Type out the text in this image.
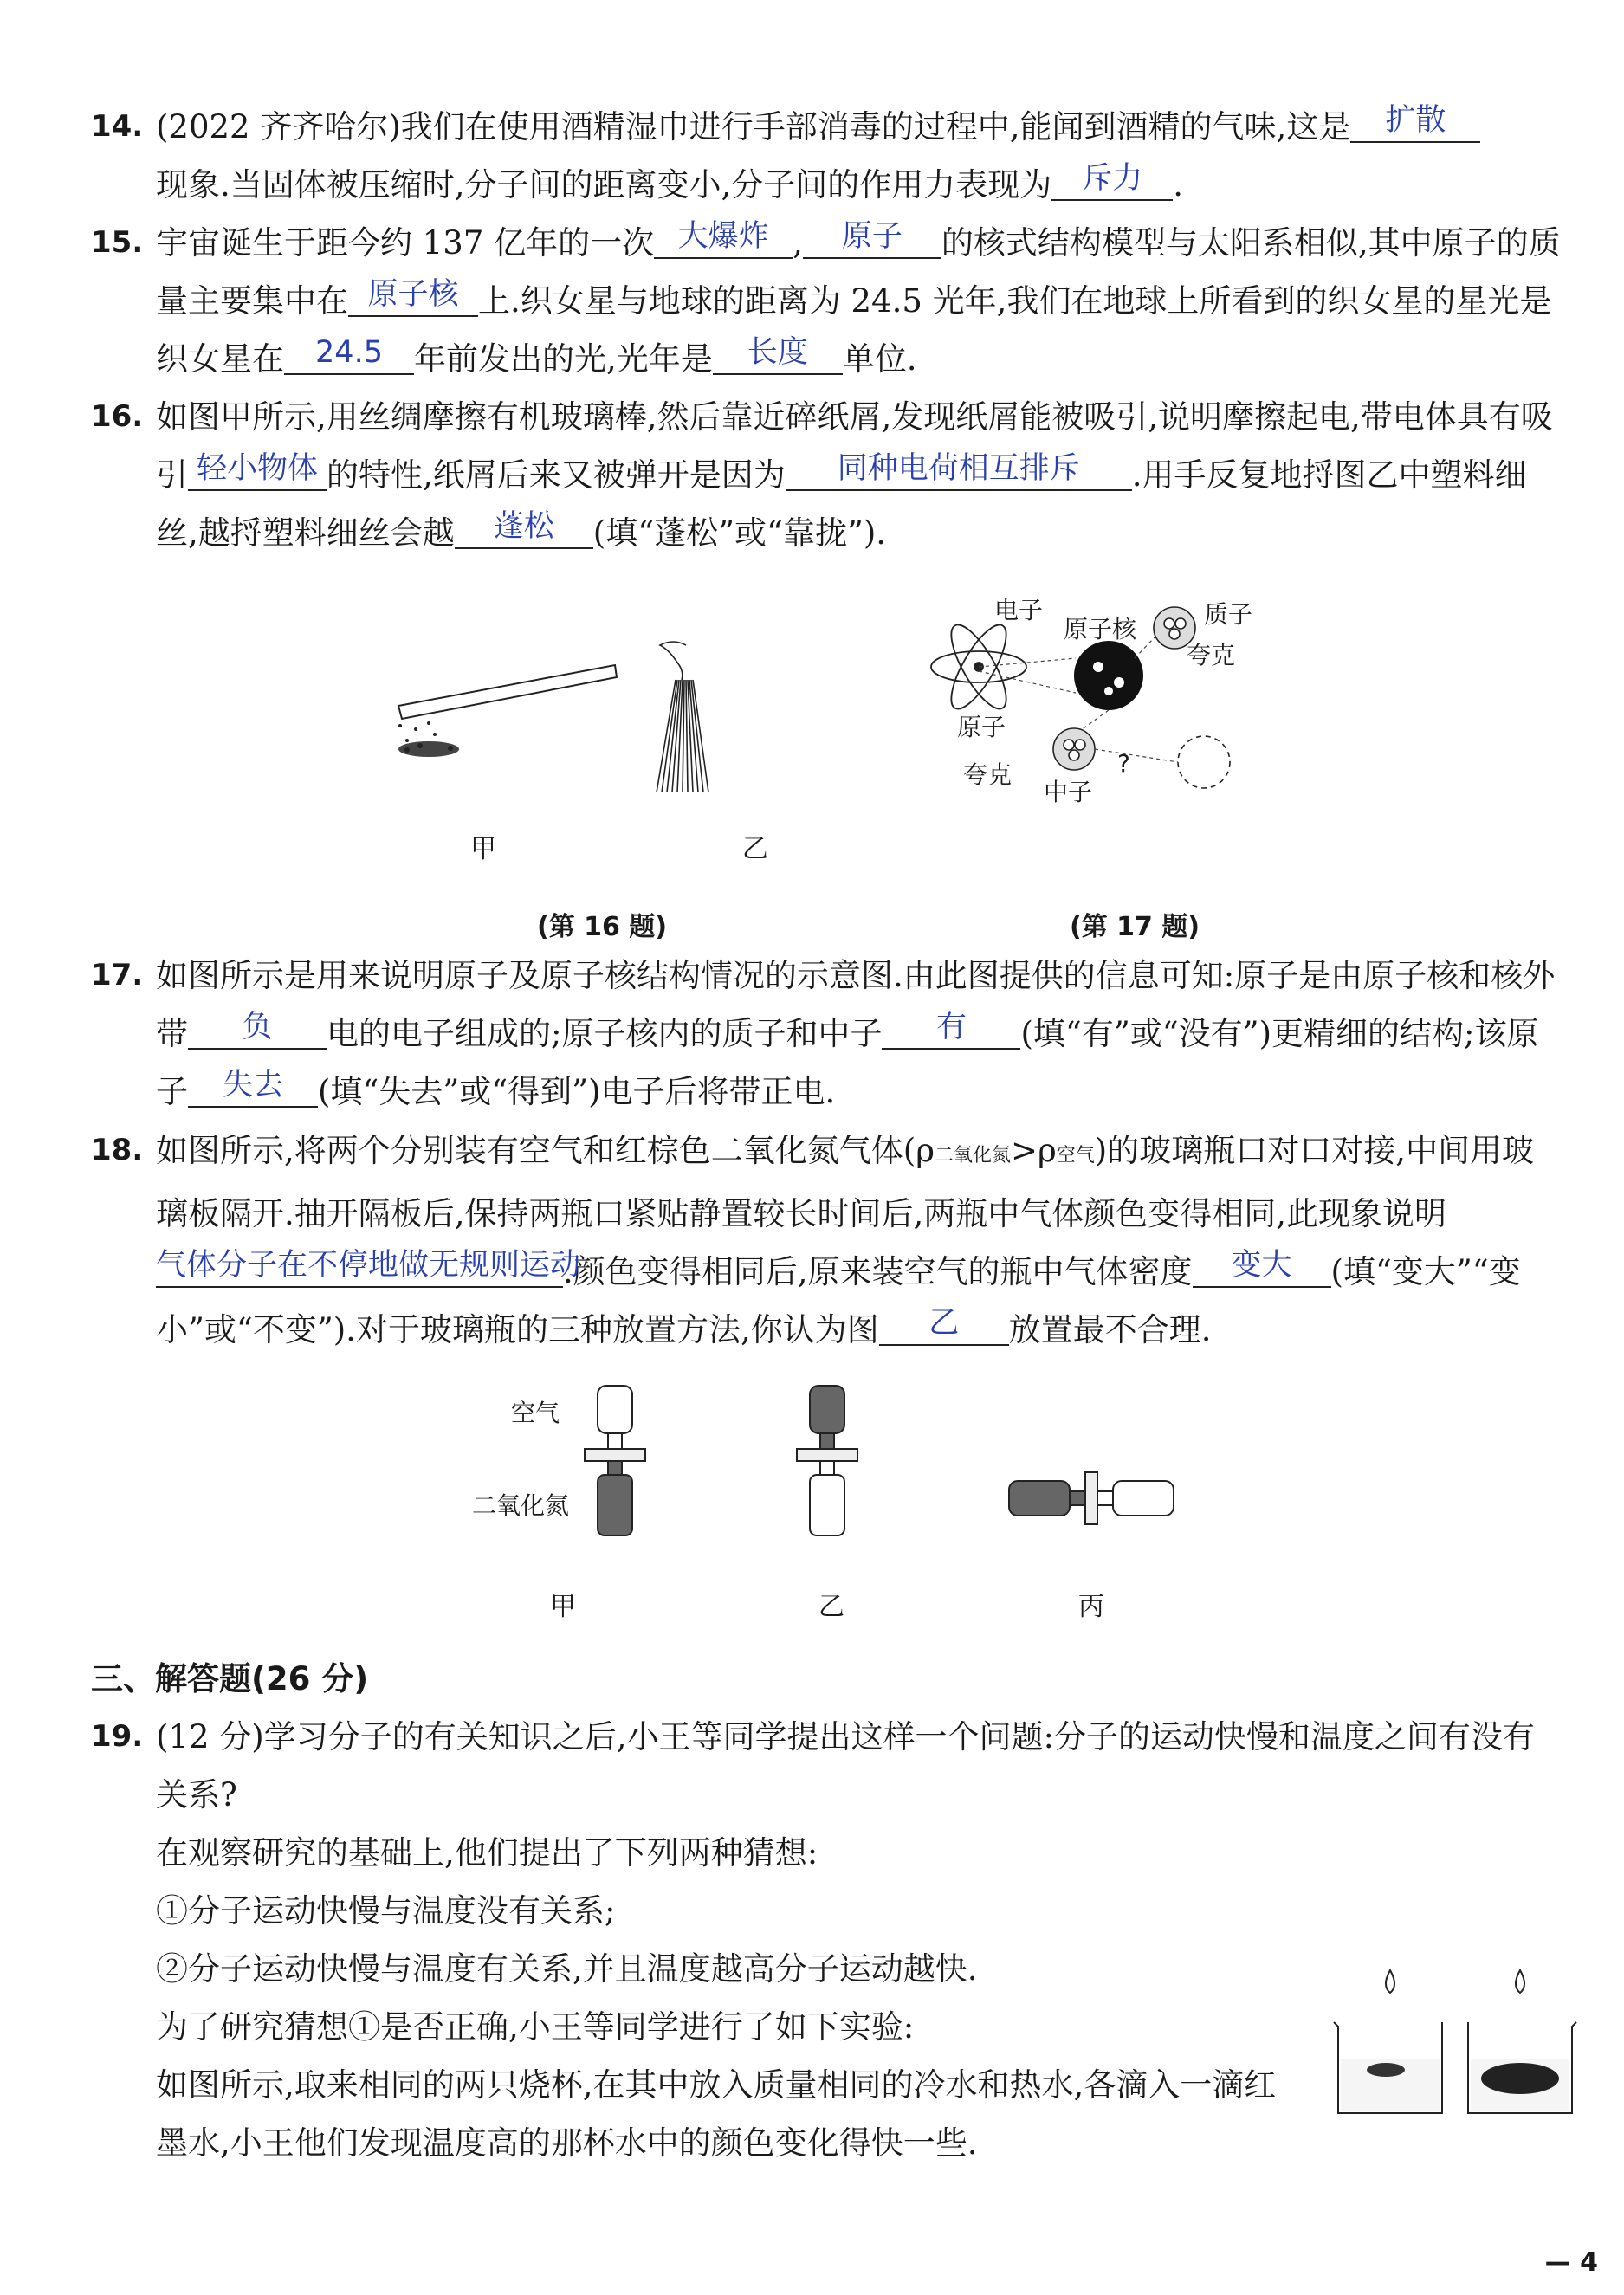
14. (2022 齐齐哈尔)我们在使用酒精湿巾进行手部消毒的过程中,能闻到酒精的气味,这是	扩散

现象.当固体被压缩时,分子间的距离变小,分子间的作用力表现为 斥力 .
15. 宇宙诞生于距今约 137 亿年的一次 大爆炸 ,	原子	的核式结构模型与太阳系相似,其中原子的质量主要集中在 原子核 上.织女星与地球的距离为 24.5 光年,我们在地球上所看到的织女星的星光是织女星在	24.5 年前发出的光,光年是	长度	单位.
16. 如图甲所示,用丝绸摩擦有机玻璃棒,然后靠近碎纸屑,发现纸屑能被吸引,说明摩擦起电,带电体具有吸引 轻小物体 的特性,纸屑后来又被弹开是因为	同种电荷相互排斥	.用手反复地捋图乙中塑料细丝,越捋塑料细丝会越	蓬松	(填“蓬松”或“靠拢”).
甲	乙
(第 16 题)
电子
原子核
质子
夸克
原子
夸克
中子
?
(第 17 题)
17. 如图所示是用来说明原子及原子核结构情况的示意图.由此图提供的信息可知:原子是由原子核和核外带	负	电的电子组成的;原子核内的质子和中子	有	(填“有”或“没有”)更精细的结构;该原子	失去	(填“失去”或“得到”)电子后将带正电.
18. 如图所示,将两个分别装有空气和红棕色二氧化氮气体(ρ二氧化氮>ρ空气)的玻璃瓶口对口对接,中间用玻璃板隔开.抽开隔板后,保持两瓶口紧贴静置较长时间后,两瓶中气体颜色变得相同,此现象说明
气体分子在不停地做无规则运动
.颜色变得相同后,原来装空气的瓶中气体密度	变大	(填“变大”“变小”或“不变”).对于玻璃瓶的三种放置方法,你认为图	乙	放置最不合理.
空气
二氧化氮
甲	乙	丙
三、解答题(26 分)
19. (12 分)学习分子的有关知识之后,小王等同学提出这样一个问题:分子的运动快慢和温度之间有没有关系?
在观察研究的基础上,他们提出了下列两种猜想:
①分子运动快慢与温度没有关系;
②分子运动快慢与温度有关系,并且温度越高分子运动越快.
为了研究猜想①是否正确,小王等同学进行了如下实验:
如图所示,取来相同的两只烧杯,在其中放入质量相同的冷水和热水,各滴入一滴红墨水,小王他们发现温度高的那杯水中的颜色变化得快一些.
— 4
